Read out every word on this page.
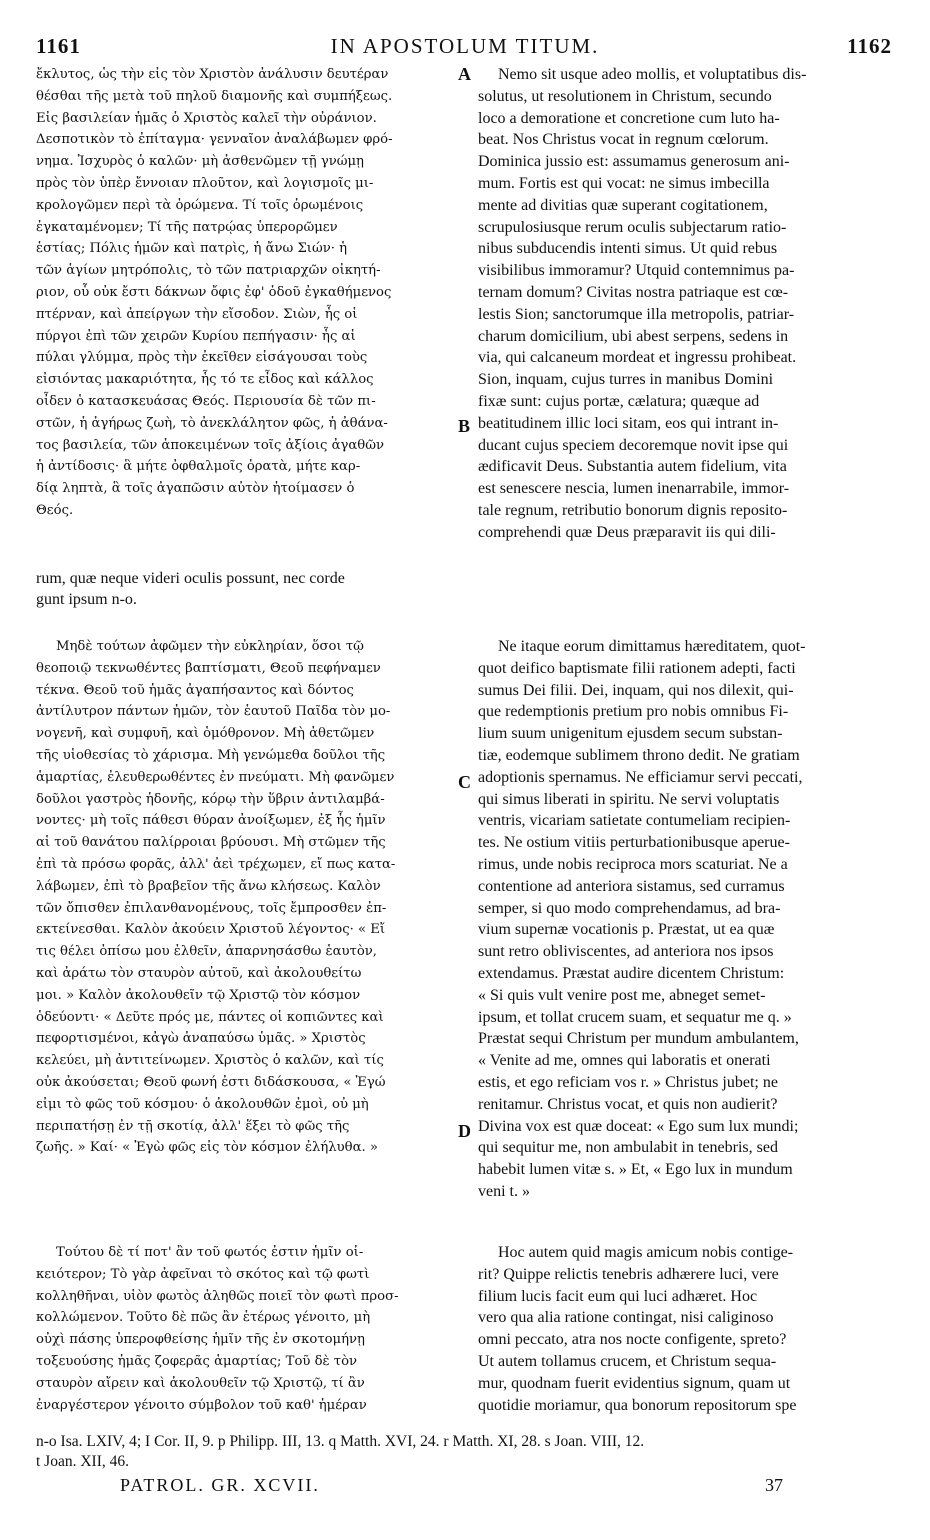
1161	IN APOSTOLUM TITUM.	1162
ἔκλυτος, ὡς τὴν εἰς τὸν Χριστὸν ἀνάλυσιν δευτέραν
θέσθαι τῆς μετὰ τοῦ πηλοῦ διαμονῆς καὶ συμπήξεως.
Εἰς βασιλείαν ἡμᾶς ὁ Χριστὸς καλεῖ τὴν οὐράνιον.
Δεσποτικὸν τὸ ἐπίταγμα· γενναῖον ἀναλάβωμεν φρό-
νημα. Ἰσχυρὸς ὁ καλῶν· μὴ ἀσθενῶμεν τῇ γνώμῃ
πρὸς τὸν ὑπὲρ ἔννοιαν πλοῦτον, καὶ λογισμοῖς μι-
κρολογῶμεν περὶ τὰ ὁρώμενα. Τί τοῖς ὁρωμένοις
ἐγκαταμένομεν; Τί τῆς πατρῴας ὑπερορῶμεν
ἑστίας; Πόλις ἡμῶν καὶ πατρὶς, ἡ ἄνω Σιών· ἡ
τῶν ἁγίων μητρόπολις, τὸ τῶν πατριαρχῶν οἰκητή-
ριον, οὗ οὐκ ἔστι δάκνων ὄφις ἐφ' ὁδοῦ ἐγκαθήμενος
πτέρναν, καὶ ἀπείργων τὴν εἴσοδον. Σιὼν, ἧς οἱ
πύργοι ἐπὶ τῶν χειρῶν Κυρίου πεπήγασιν· ἧς αἱ
πύλαι γλύμμα, πρὸς τὴν ἐκεῖθεν εἰσάγουσαι τοὺς
εἰσιόντας μακαριότητα, ἧς τό τε εἶδος καὶ κάλλος
οἶδεν ὁ κατασκευάσας Θεός. Περιουσία δὲ τῶν πι-
στῶν, ἡ ἀγήρως ζωὴ, τὸ ἀνεκλάλητον φῶς, ἡ ἀθάνα-
τος βασιλεία, τῶν ἀποκειμένων τοῖς ἀξίοις ἀγαθῶν
ἡ ἀντίδοσις· ἃ μήτε ὀφθαλμοῖς ὁρατὰ, μήτε καρ-
δίᾳ ληπτὰ, ἃ τοῖς ἀγαπῶσιν αὐτὸν ἡτοίμασεν ὁ
Θεός.
Nemo sit usque adeo mollis, et voluptatibus dis-
solutus, ut resolutionem in Christum, secundo
loco a demoratione et concretione cum luto ha-
beat. Nos Christus vocat in regnum cœlorum.
Dominica jussio est: assumamus generosum ani-
mum. Fortis est qui vocat: ne simus imbecilla
mente ad divitias quæ superant cogitationem,
scrupulosiusque rerum oculis subjectarum ratio-
nibus subducendis intenti simus. Ut quid rebus
visibilibus immoramur? Utquid contemnimus pa-
ternam domum? Civitas nostra patriaque est cœ-
lestis Sion; sanctorumque illa metropolis, patriar-
charum domicilium, ubi abest serpens, sedens in
via, qui calcaneum mordeat et ingressu prohibeat.
Sion, inquam, cujus turres in manibus Domini
fixæ sunt: cujus portæ, cælatura; quæque ad
beatitudinem illic loci sitam, eos qui intrant in-
ducant cujus speciem decoremque novit ipse qui
ædificavit Deus. Substantia autem fidelium, vita
est senescere nescia, lumen inenarrabile, immor-
tale regnum, retributio bonorum dignis reposito-
comprehendi quæ Deus præparavit iis qui dili-
A
B
C
D
rum, quæ neque videri oculis possunt, nec corde
gunt ipsum n-o.
Μηδὲ τούτων ἀφῶμεν τὴν εὐκληρίαν, ὅσοι τῷ
θεοποιῷ τεκνωθέντες βαπτίσματι, Θεοῦ πεφήναμεν
τέκνα. Θεοῦ τοῦ ἡμᾶς ἀγαπήσαντος καὶ δόντος
ἀντίλυτρον πάντων ἡμῶν, τὸν ἑαυτοῦ Παῖδα τὸν μο-
νογενῆ, καὶ συμφυῆ, καὶ ὁμόθρονον. Μὴ ἀθετῶμεν
τῆς υἱοθεσίας τὸ χάρισμα. Μὴ γενώμεθα δοῦλοι τῆς
ἁμαρτίας, ἐλευθερωθέντες ἐν πνεύματι. Μὴ φανῶμεν
δοῦλοι γαστρὸς ἡδονῆς, κόρῳ τὴν ὕβριν ἀντιλαμβά-
νοντες· μὴ τοῖς πάθεσι θύραν ἀνοίξωμεν, ἐξ ἧς ἡμῖν
αἱ τοῦ θανάτου παλίρροιαι βρύουσι. Μὴ στῶμεν τῆς
ἐπὶ τὰ πρόσω φορᾶς, ἀλλ' ἀεὶ τρέχωμεν, εἴ πως κατα-
λάβωμεν, ἐπὶ τὸ βραβεῖον τῆς ἄνω κλήσεως. Καλὸν
τῶν ὄπισθεν ἐπιλανθανομένους, τοῖς ἔμπροσθεν ἐπ-
εκτείνεσθαι. Καλὸν ἀκούειν Χριστοῦ λέγοντος· « Εἴ
τις θέλει ὀπίσω μου ἐλθεῖν, ἀπαρνησάσθω ἑαυτὸν,
καὶ ἀράτω τὸν σταυρὸν αὐτοῦ, καὶ ἀκολουθείτω
μοι. » Καλὸν ἀκολουθεῖν τῷ Χριστῷ τὸν κόσμον
ὁδεύοντι· « Δεῦτε πρός με, πάντες οἱ κοπιῶντες καὶ
πεφορτισμένοι, κἀγὼ ἀναπαύσω ὑμᾶς. » Χριστὸς
κελεύει, μὴ ἀντιτείνωμεν. Χριστὸς ὁ καλῶν, καὶ τίς
οὐκ ἀκούσεται; Θεοῦ φωνή ἐστι διδάσκουσα, « Ἐγώ
εἰμι τὸ φῶς τοῦ κόσμου· ὁ ἀκολουθῶν ἐμοὶ, οὐ μὴ
περιπατήσῃ ἐν τῇ σκοτίᾳ, ἀλλ' ἕξει τὸ φῶς τῆς
ζωῆς. » Καί· « Ἐγὼ φῶς εἰς τὸν κόσμον ἐλήλυθα. »
Ne itaque eorum dimittamus hæreditatem, quot-
quot deifico baptismate filii rationem adepti, facti
sumus Dei filii. Dei, inquam, qui nos dilexit, qui-
que redemptionis pretium pro nobis omnibus Fi-
lium suum unigenitum ejusdem secum substan-
tiæ, eodemque sublimem throno dedit. Ne gratiam
adoptionis spernamus. Ne efficiamur servi peccati,
qui simus liberati in spiritu. Ne servi voluptatis
ventris, vicariam satietate contumeliam recipien-
tes. Ne ostium vitiis perturbationibusque aperue-
rimus, unde nobis reciproca mors scaturiat. Ne a
contentione ad anteriora sistamus, sed curramus
semper, si quo modo comprehendamus, ad bra-
vium supernæ vocationis p. Præstat, ut ea quæ
sunt retro obliviscentes, ad anteriora nos ipsos
extendamus. Præstat audire dicentem Christum:
« Si quis vult venire post me, abneget semet-
ipsum, et tollat crucem suam, et sequatur me q. »
Præstat sequi Christum per mundum ambulantem,
« Venite ad me, omnes qui laboratis et onerati
estis, et ego reficiam vos r. » Christus jubet; ne
renitamur. Christus vocat, et quis non audierit?
Divina vox est quæ doceat: « Ego sum lux mundi;
qui sequitur me, non ambulabit in tenebris, sed
habebit lumen vitæ s. » Et, « Ego lux in mundum
veni t. »
Τούτου δὲ τί ποτ' ἂν τοῦ φωτός ἐστιν ἡμῖν οἰ-
κειότερον; Τὸ γὰρ ἀφεῖναι τὸ σκότος καὶ τῷ φωτὶ
κολληθῆναι, υἱὸν φωτὸς ἀληθῶς ποιεῖ τὸν φωτὶ προσ-
κολλώμενον. Τοῦτο δὲ πῶς ἂν ἑτέρως γένοιτο, μὴ
οὐχὶ πάσης ὑπεροφθείσης ἡμῖν τῆς ἐν σκοτομήνῃ
τοξευούσης ἡμᾶς ζοφερᾶς ἁμαρτίας; Τοῦ δὲ τὸν
σταυρὸν αἴρειν καὶ ἀκολουθεῖν τῷ Χριστῷ, τί ἂν
ἐναργέστερον γένοιτο σύμβολον τοῦ καθ' ἡμέραν
Hoc autem quid magis amicum nobis contige-
rit? Quippe relictis tenebris adhærere luci, vere
filium lucis facit eum qui luci adhæret. Hoc
vero qua alia ratione contingat, nisi caliginoso
omni peccato, atra nos nocte configente, spreto?
Ut autem tollamus crucem, et Christum sequa-
mur, quodnam fuerit evidentius signum, quam ut
quotidie moriamur, qua bonorum repositorum spe
n-o Isa. LXIV, 4; I Cor. II, 9. p Philipp. III, 13. q Matth. XVI, 24. r Matth. XI, 28. s Joan. VIII, 12.
t Joan. XII, 46.
PATROL. GR. XCVII.	37
